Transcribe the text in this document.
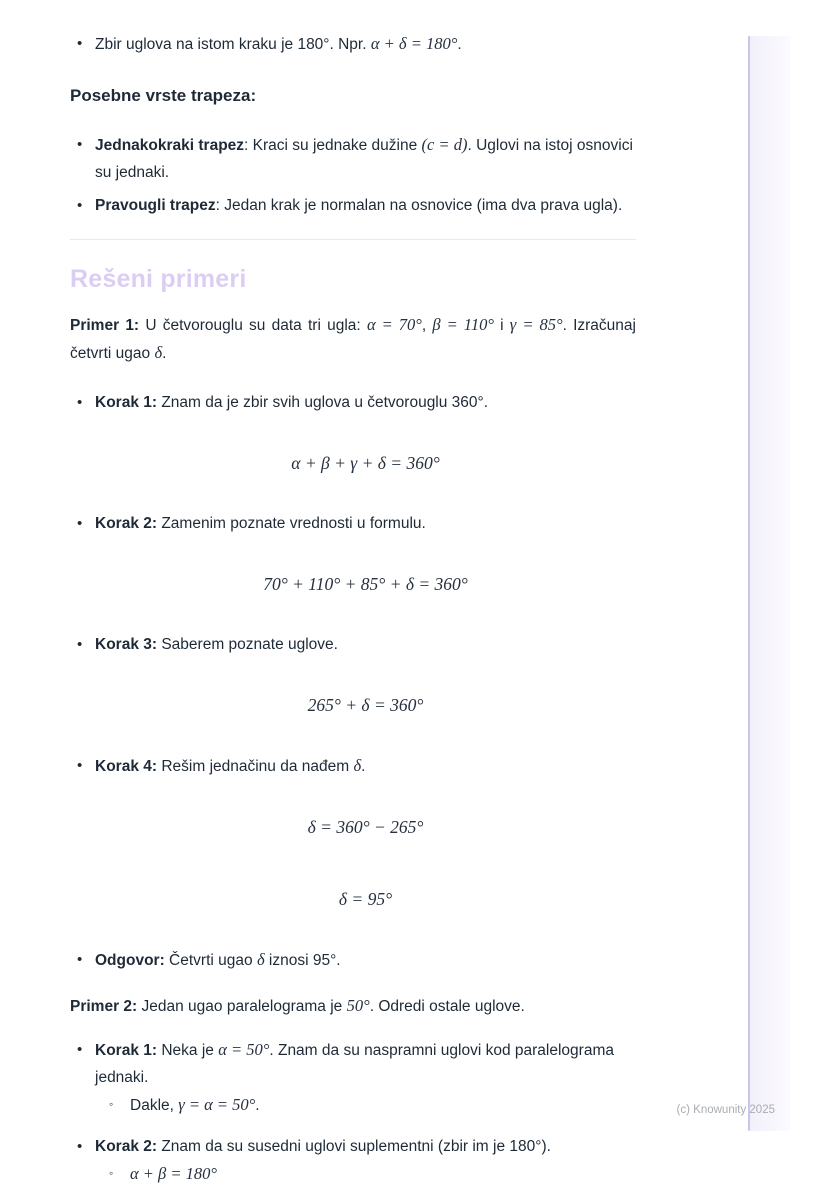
• Zbir uglova na istom kraku je 180°. Npr. α + δ = 180°.
Posebne vrste trapeza:
• Jednakokraki trapez: Kraci su jednake dužine (c = d). Uglovi na istoj osnovici su jednaki.
• Pravougli trapez: Jedan krak je normalan na osnovice (ima dva prava ugla).
Rešeni primeri

Primer 1: U četvorouglu su data tri ugla: α = 70°, β = 110° i γ = 85°. Izračunaj četvrti ugao δ.

• Korak 1: Znam da je zbir svih uglova u četvorouglu 360°.
α + β + γ + δ = 360°
• Korak 2: Zamenim poznate vrednosti u formulu.
70° + 110° + 85° + δ = 360°
• Korak 3: Saberem poznate uglove.
265° + δ = 360°
• Korak 4: Rešim jednačinu da nađem δ.
δ = 360° − 265°
δ = 95°
• Odgovor: Četvrti ugao δ iznosi 95°.

Primer 2: Jedan ugao paralelograma je 50°. Odredi ostale uglove.

• Korak 1: Neka je α = 50°. Znam da su naspramni uglovi kod paralelograma jednaki.
◦	Dakle, γ = α = 50°.
• Korak 2: Znam da su susedni uglovi suplementni (zbir im je 180°).
◦	α + β = 180°
(c) Knowunity 2025
